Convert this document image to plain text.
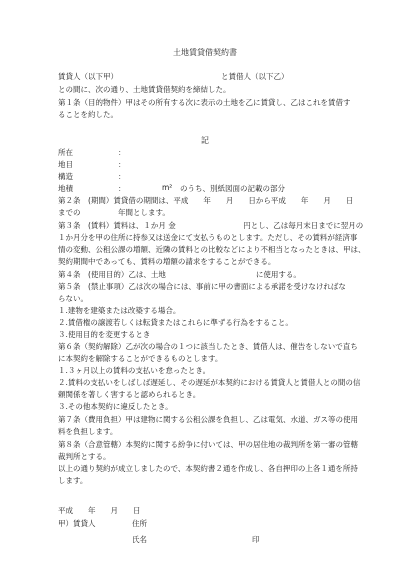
土地賃貸借契約書
賃貸人（以下甲）	と賃借人（以下乙）
との間に、次の通り、土地賃貸借契約を締結した。
第１条（目的物件）甲はその所有する次に表示の土地を乙に賃貸し、乙はこれを賃借す
ることを約した。
記
所在	：
地目	：
構造	：
地積	：	m² のうち、別紙図面の記載の部分
第２条　(期間）賃貸借の期間は、平成　　年　　月　　日から平成　　年　　月　　日
までの　　　　　年間とします。
第３条　(賃料）賃料は、１か月 金　　　　　　　　　円とし、乙は毎月末日までに翌月の
１か月分を甲の住所に持参又は送金にて支払うものとします。ただし、その賃料が経済事
情の変動、公租公課の増額、近隣の賃料との比較などにより不相当となったときは、甲は、
契約期間中であっても、賃料の増額の請求をすることができる。
第４条　(使用目的）乙は、土地　　　　　　　　　　　　に使用する。
第５条　(禁止事項）乙は次の場合には、事前に甲の書面による承諾を受けなければな
らない。
１.建物を建築または改築する場合。
２.賃借権の譲渡若しくは転貸またはこれらに準ずる行為をすること。
３.使用目的を変更するとき
第６条（契約解除）乙が次の場合の１つに該当したとき、賃借人は、催告をしないで直ち
に本契約を解除することができるものとします。
１.３ヶ月以上の賃料の支払いを怠ったとき。
２.賃料の支払いをしばしば遅延し、その遅延が本契約における賃貸人と賃借人との間の信
頼関係を著しく害すると認められるとき。
３.その他本契約に違反したとき。
第７条（費用負担）甲は建物に関する公租公課を負担し、乙は電気、水道、ガス等の使用
料を負担します。
第８条（合意管轄）本契約に関する紛争に付いては、甲の居住地の裁判所を第一審の管轄
裁判所とする。
以上の通り契約が成立しましたので、本契約書２通を作成し、各自押印の上各１通を所持
します。
平成　　年　　月　　日
甲）賃貸人	住所
氏名	印
